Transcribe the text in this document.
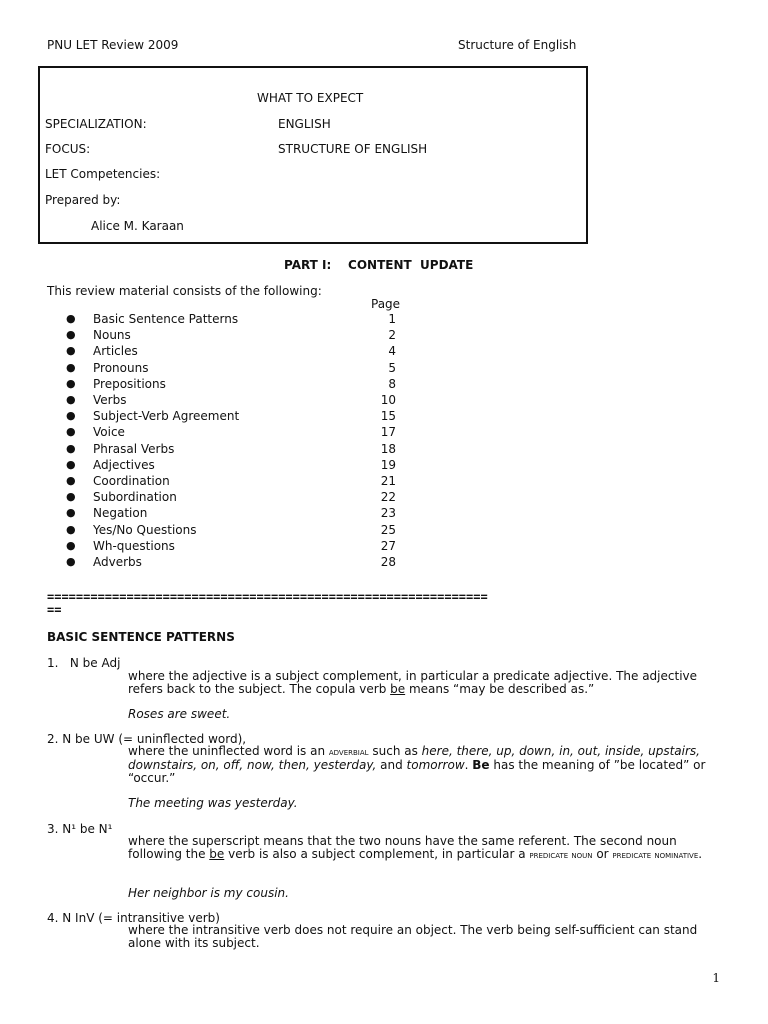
PNU LET Review 2009	Structure of English
WHAT TO EXPECT
SPECIALIZATION:	ENGLISH
FOCUS:	STRUCTURE OF ENGLISH
LET Competencies:
Prepared by:
Alice M. Karaan
PART I:    CONTENT  UPDATE
This review material consists of the following:
Page
● Basic Sentence Patterns	1
● Nouns	2
● Articles	4
● Pronouns	5
● Prepositions	8
● Verbs	10
● Subject-Verb Agreement	15
● Voice	17
● Phrasal Verbs	18
● Adjectives	19
● Coordination	21
● Subordination	22
● Negation	23
● Yes/No Questions	25
● Wh-questions	27
● Adverbs	28
=============================================================
==
BASIC SENTENCE PATTERNS
1.   N be Adj
where the adjective is a subject complement, in particular a predicate adjective. The adjective refers back to the subject. The copula verb be means “may be described as.”
Roses are sweet.
2. N be UW (= uninflected word),
where the uninflected word is an adverbial such as here, there, up, down, in, out, inside, upstairs, downstairs, on, off, now, then, yesterday, and tomorrow. Be has the meaning of ”be located” or “occur.”
The meeting was yesterday.
3. N¹ be N¹
where the superscript means that the two nouns have the same referent. The second noun following the be verb is also a subject complement, in particular a predicate noun or predicate nominative.
Her neighbor is my cousin.
4. N InV (= intransitive verb)
where the intransitive verb does not require an object. The verb being self-sufficient can stand alone with its subject.
1
